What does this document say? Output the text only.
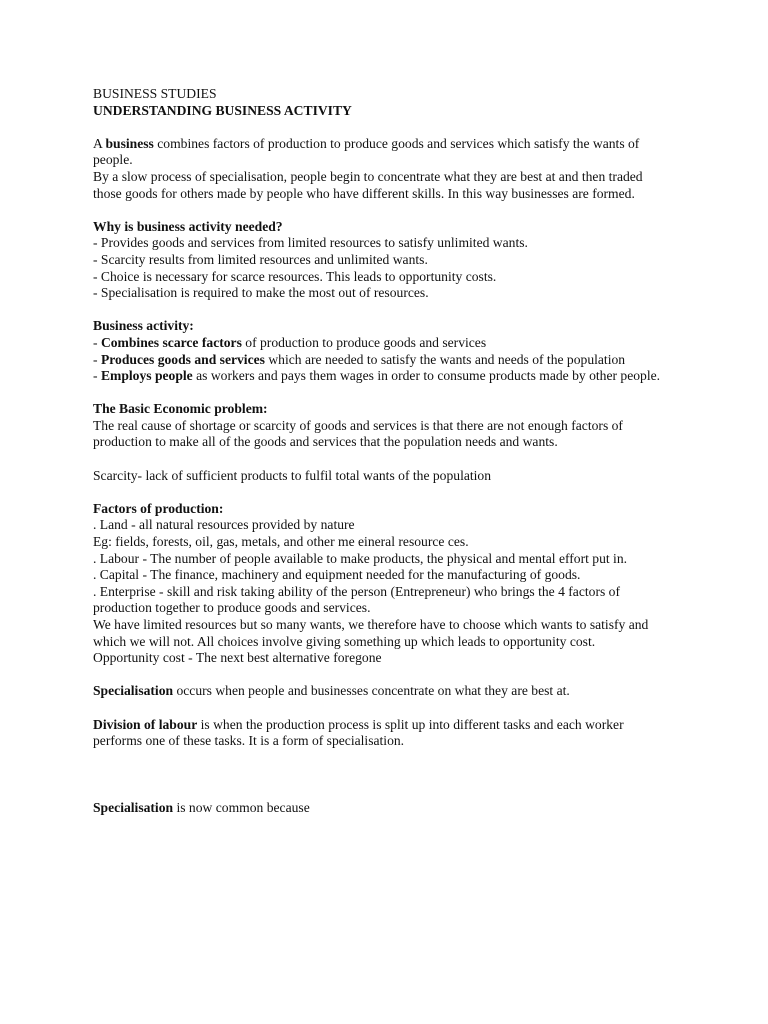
BUSINESS STUDIES

UNDERSTANDING BUSINESS ACTIVITY

A business combines factors of production to produce goods and services which satisfy the wants of people.

By a slow process of specialisation, people begin to concentrate what they are best at and then traded those goods for others made by people who have different skills. In this way businesses are formed.

Why is business activity needed?

- Provides goods and services from limited resources to satisfy unlimited wants.

- Scarcity results from limited resources and unlimited wants.

- Choice is necessary for scarce resources. This leads to opportunity costs.

- Specialisation is required to make the most out of resources.

Business activity:

- Combines scarce factors of production to produce goods and services

- Produces goods and services which are needed to satisfy the wants and needs of the population

- Employs people as workers and pays them wages in order to consume products made by other people.

The Basic Economic problem:

The real cause of shortage or scarcity of goods and services is that there are not enough factors of production to make all of the goods and services that the population needs and wants.

Scarcity- lack of sufficient products to fulfil total wants of the population

Factors of production:

. Land - all natural resources provided by nature

Eg: fields, forests, oil, gas, metals, and other me eineral resource ces.

. Labour - The number of people available to make products, the physical and mental effort put in.

. Capital - The finance, machinery and equipment needed for the manufacturing of goods.

. Enterprise - skill and risk taking ability of the person (Entrepreneur) who brings the 4 factors of production together to produce goods and services.

We have limited resources but so many wants, we therefore have to choose which wants to satisfy and which we will not. All choices involve giving something up which leads to opportunity cost.

Opportunity cost - The next best alternative foregone

Specialisation occurs when people and businesses concentrate on what they are best at.

Division of labour is when the production process is split up into different tasks and each worker performs one of these tasks. It is a form of specialisation.

Specialisation is now common because
